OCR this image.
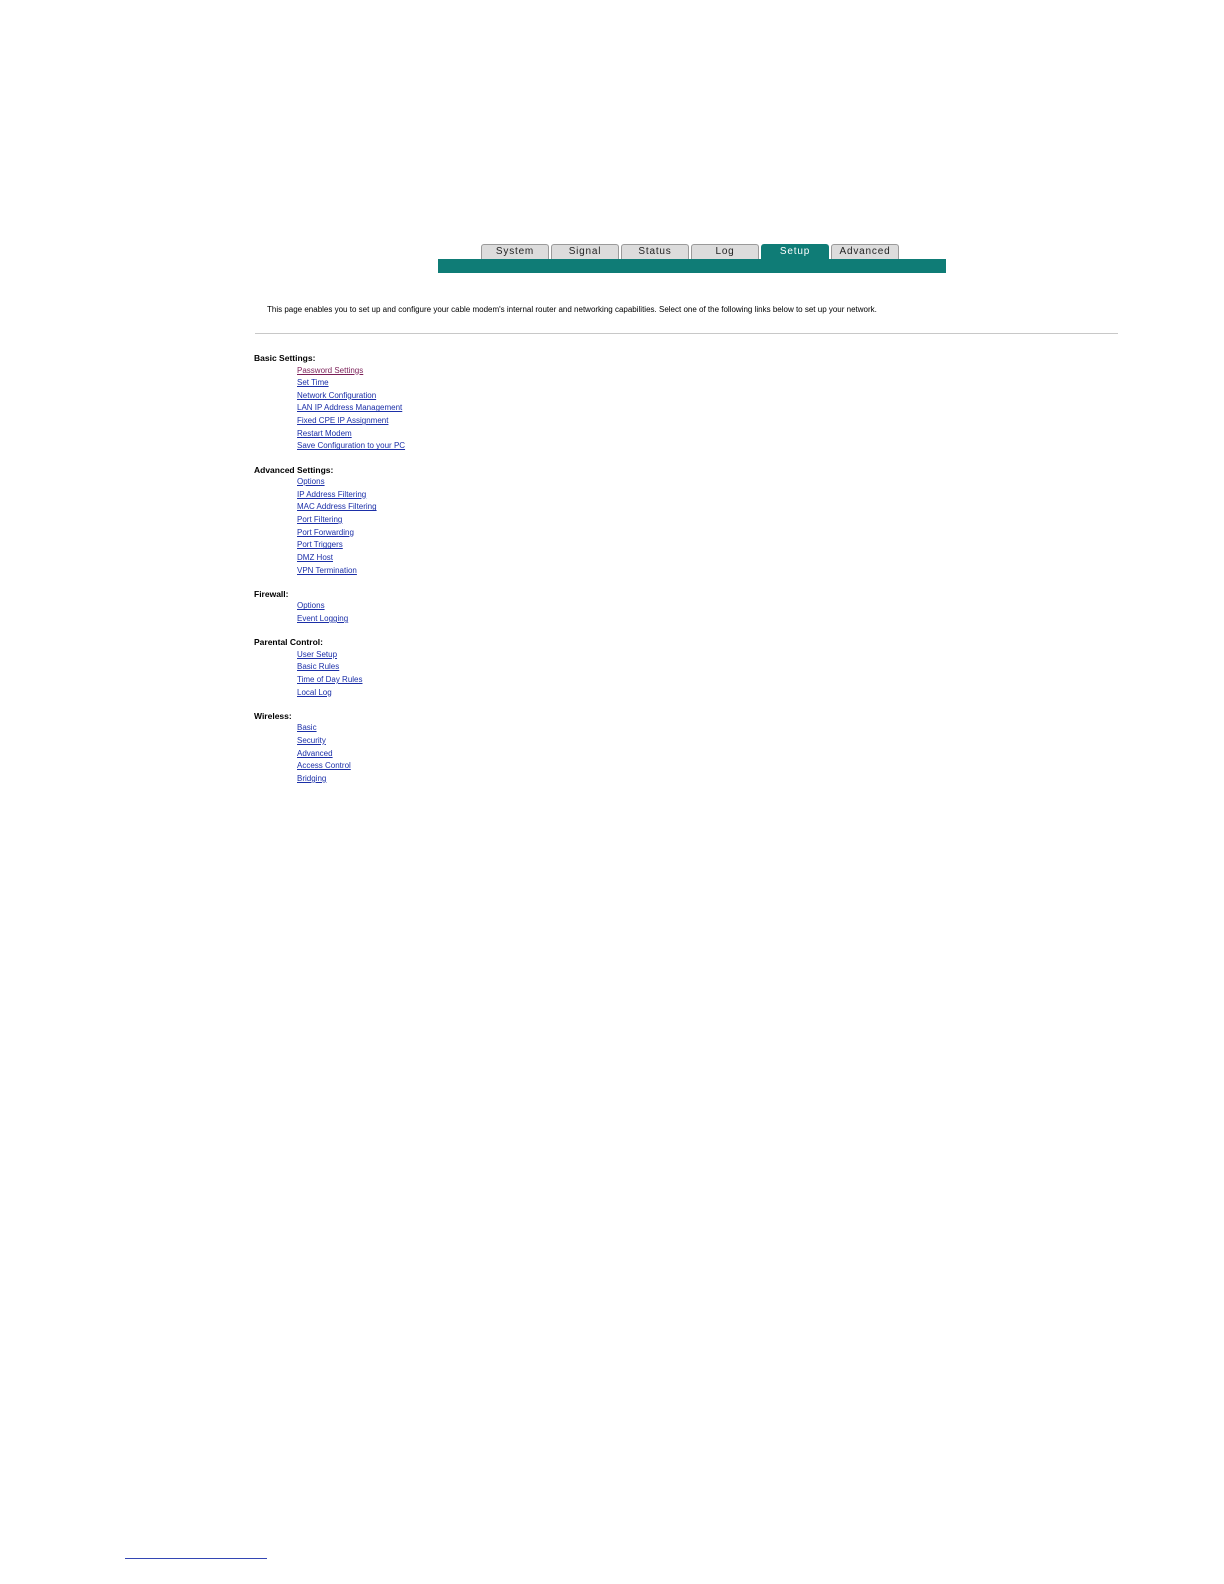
System	Signal	Status	Log	Setup	Advanced
This page enables you to set up and configure your cable modem's internal router and networking capabilities. Select one of the following links below to set up your network.
Basic Settings:
Password Settings
Set Time
Network Configuration
LAN IP Address Management
Fixed CPE IP Assignment
Restart Modem
Save Configuration to your PC
Advanced Settings:
Options
IP Address Filtering
MAC Address Filtering
Port Filtering
Port Forwarding
Port Triggers
DMZ Host
VPN Termination
Firewall:
Options
Event Logging
Parental Control:
User Setup
Basic Rules
Time of Day Rules
Local Log
Wireless:
Basic
Security
Advanced
Access Control
Bridging
